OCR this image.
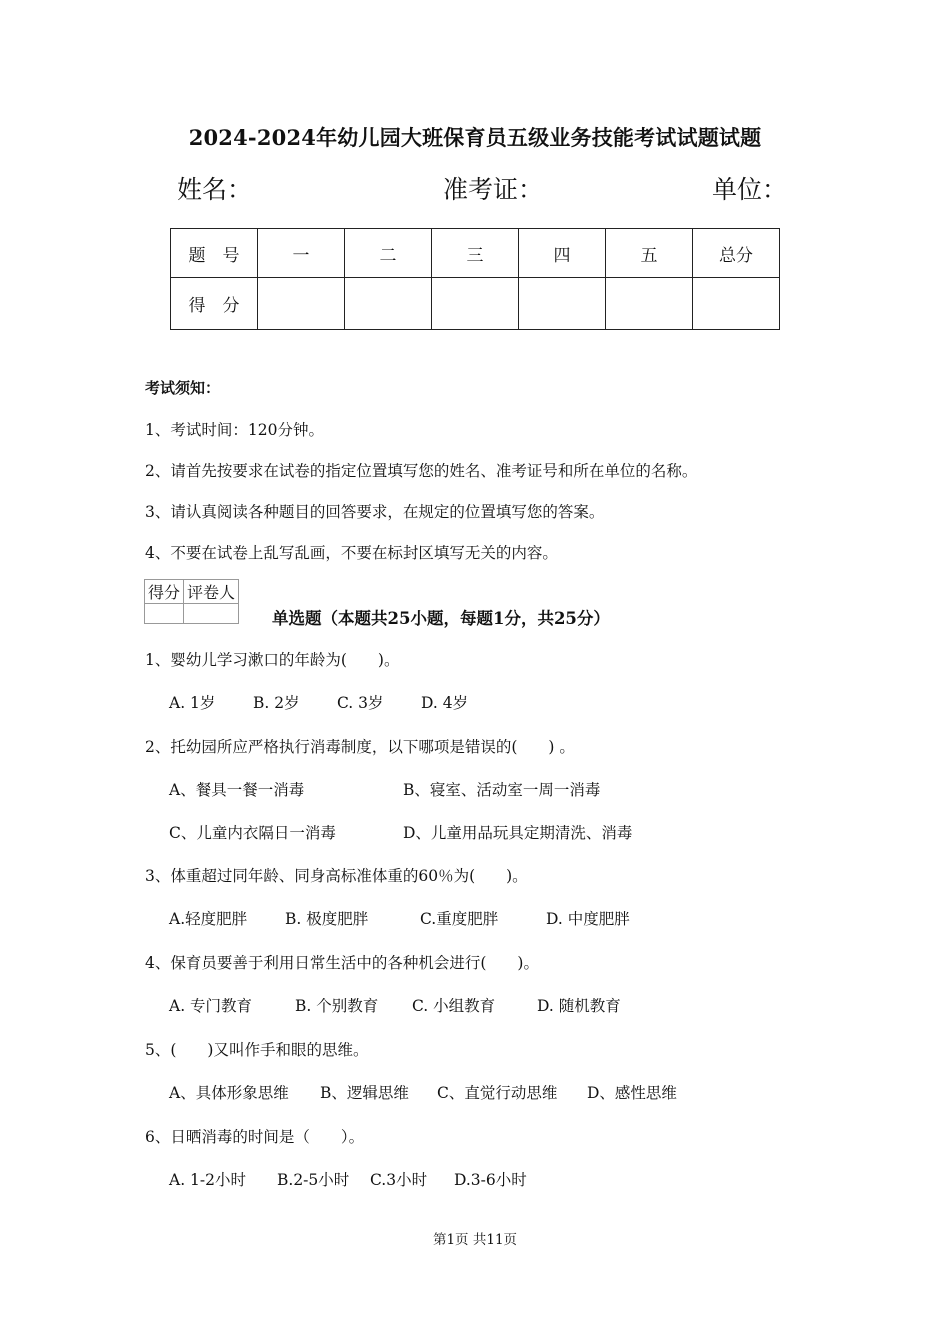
2024-2024年幼儿园大班保育员五级业务技能考试试题试题
姓名：	准考证：	单位：
题　号	一	二	三	四	五	总分
得　分						
考试须知：
1、考试时间：120分钟。
2、请首先按要求在试卷的指定位置填写您的姓名、准考证号和所在单位的名称。
3、请认真阅读各种题目的回答要求，在规定的位置填写您的答案。
4、不要在试卷上乱写乱画，不要在标封区填写无关的内容。
得分	评卷人

单选题（本题共25小题，每题1分，共25分）
1、婴幼儿学习漱口的年龄为(　　)。
A. 1岁 B. 2岁 C. 3岁 D. 4岁
2、托幼园所应严格执行消毒制度，以下哪项是错误的(　　) 。
A、餐具一餐一消毒	B、寝室、活动室一周一消毒
C、儿童内衣隔日一消毒	D、儿童用品玩具定期清洗、消毒
3、体重超过同年龄、同身高标准体重的60％为(　　)。
A.轻度肥胖 B. 极度肥胖	C.重度肥胖	D. 中度肥胖
4、保育员要善于利用日常生活中的各种机会进行(　　)。
A. 专门教育	B. 个别教育 C. 小组教育	D. 随机教育
5、(　　)又叫作手和眼的思维。
A、具体形象思维 B、逻辑思维 C、直觉行动思维 D、感性思维
6、日晒消毒的时间是（　　）。
A. 1-2小时 B.2-5小时 C.3小时 D.3-6小时
第1页 共11页
